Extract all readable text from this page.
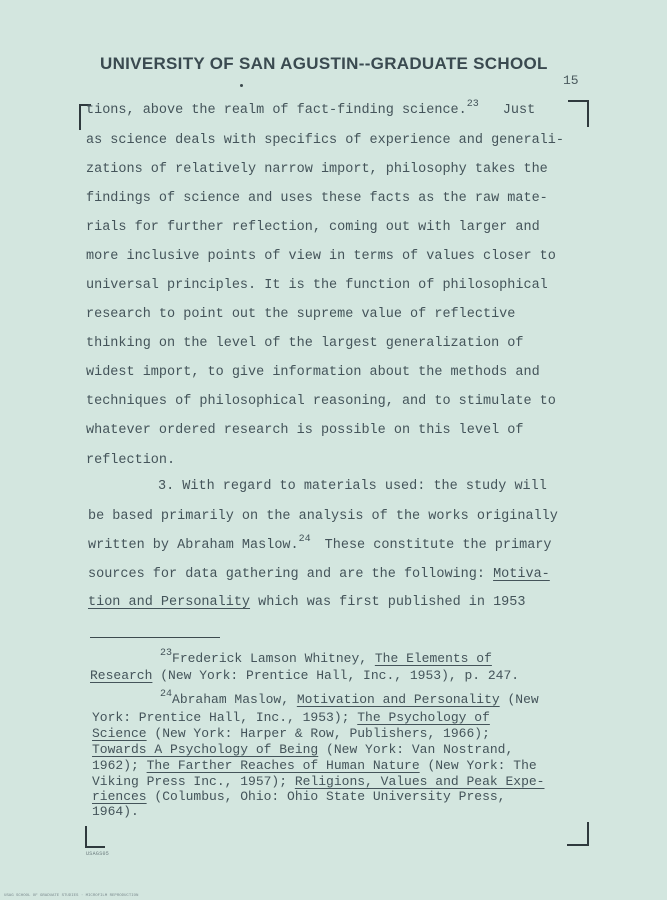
UNIVERSITY OF SAN AGUSTIN--GRADUATE SCHOOL
15
tions, above the realm of fact-finding science.$^{23}$ Just
as science deals with specifics of experience and generali-
zations of relatively narrow import, philosophy takes the
findings of science and uses these facts as the raw mate-
rials for further reflection, coming out with larger and
more inclusive points of view in terms of values closer to
universal principles. It is the function of philosophical
research to point out the supreme value of reflective
thinking on the level of the largest generalization of
widest import, to give information about the methods and
techniques of philosophical reasoning, and to stimulate to
whatever ordered research is possible on this level of
reflection.
3. With regard to materials used: the study will
be based primarily on the analysis of the works originally
written by Abraham Maslow.$^{24}$ These constitute the primary
sources for data gathering and are the following: Motiva-
tion and Personality which was first published in 1953
$^{23}$Frederick Lamson Whitney, The Elements of
Research (New York: Prentice Hall, Inc., 1953), p. 247.
$^{24}$Abraham Maslow, Motivation and Personality (New
York: Prentice Hall, Inc., 1953); The Psychology of
Science (New York: Harper & Row, Publishers, 1966);
Towards A Psychology of Being (New York: Van Nostrand,
1962); The Farther Reaches of Human Nature (New York: The
Viking Press Inc., 1957); Religions, Values and Peak Expe-
riences (Columbus, Ohio: Ohio State University Press,
1964).
USAGS05
USAG SCHOOL OF GRADUATE STUDIES · MICROFILM REPRODUCTION
